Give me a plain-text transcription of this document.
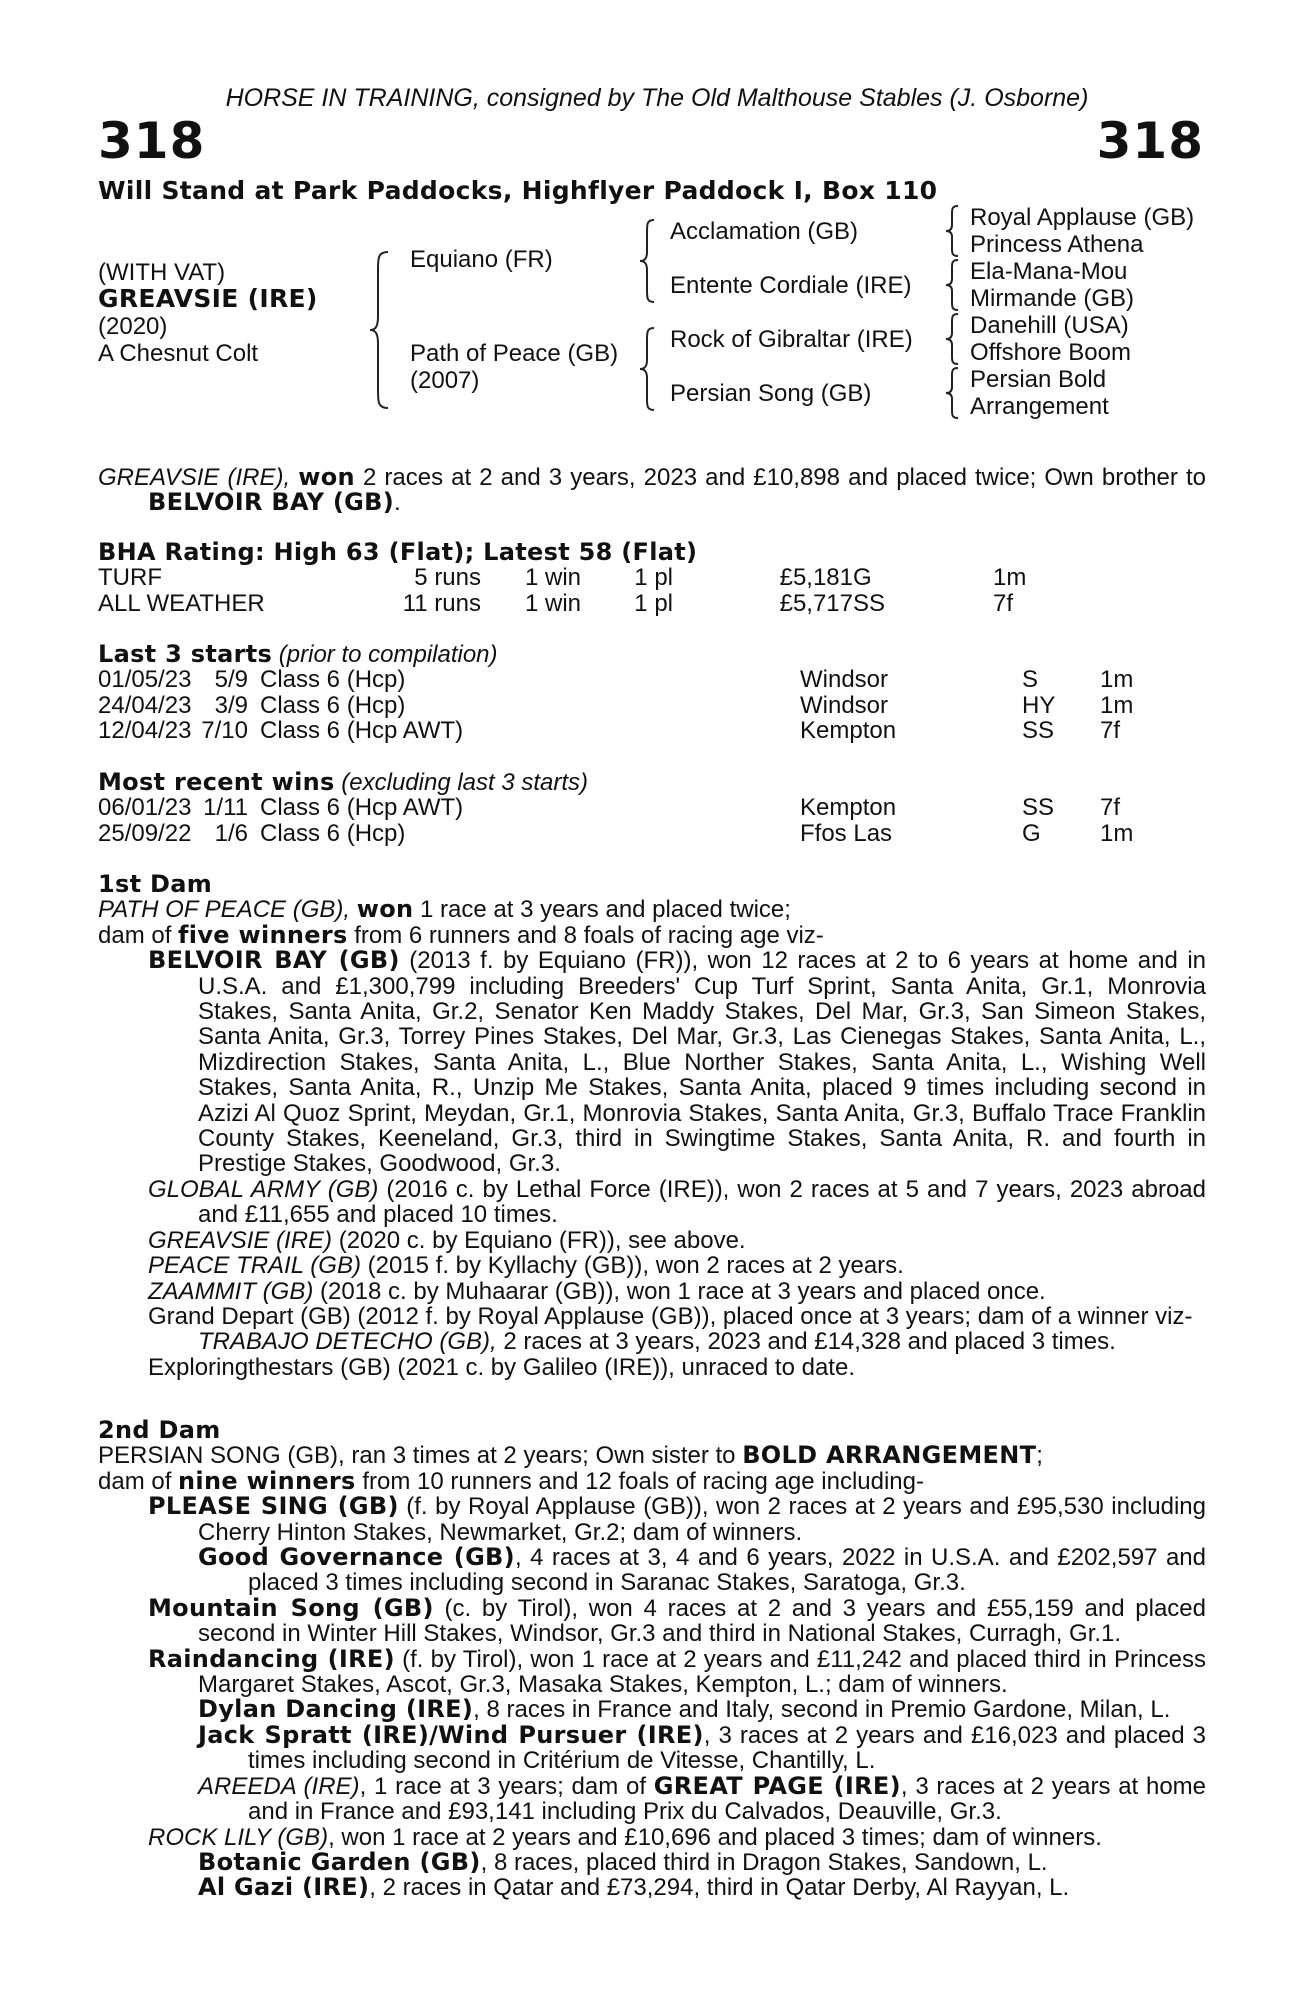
HORSE IN TRAINING, consigned by The Old Malthouse Stables (J. Osborne)
318	318
Will Stand at Park Paddocks, Highflyer Paddock I, Box 110
(WITH VAT)
GREAVSIE (IRE)
(2020)
A Chesnut Colt
Equiano (FR)
Path of Peace (GB)
(2007)
Acclamation (GB)
Entente Cordiale (IRE)
Rock of Gibraltar (IRE)
Persian Song (GB)
Royal Applause (GB)
Princess Athena
Ela-Mana-Mou
Mirmande (GB)
Danehill (USA)
Offshore Boom
Persian Bold
Arrangement

GREAVSIE (IRE), won 2 races at 2 and 3 years, 2023 and £10,898 and placed twice; Own brother to BELVOIR BAY (GB).

BHA Rating: High 63 (Flat); Latest 58 (Flat)
TURF	5 runs	1 win	1 pl	£5,181	G	1m
ALL WEATHER	11 runs	1 win	1 pl	£5,717	SS	7f
Last 3 starts (prior to compilation)
01/05/23	5/9	Class 6 (Hcp)	Windsor	S	1m
24/04/23	3/9	Class 6 (Hcp)	Windsor	HY	1m
12/04/23	7/10	Class 6 (Hcp AWT)	Kempton	SS	7f
Most recent wins (excluding last 3 starts)
06/01/23	1/11	Class 6 (Hcp AWT)	Kempton	SS	7f
25/09/22	1/6	Class 6 (Hcp)	Ffos Las	G	1m
1st Dam

PATH OF PEACE (GB), won 1 race at 3 years and placed twice;

dam of five winners from 6 runners and 8 foals of racing age viz-

BELVOIR BAY (GB) (2013 f. by Equiano (FR)), won 12 races at 2 to 6 years at home and in U.S.A. and £1,300,799 including Breeders' Cup Turf Sprint, Santa Anita, Gr.1, Monrovia Stakes, Santa Anita, Gr.2, Senator Ken Maddy Stakes, Del Mar, Gr.3, San Simeon Stakes, Santa Anita, Gr.3, Torrey Pines Stakes, Del Mar, Gr.3, Las Cienegas Stakes, Santa Anita, L., Mizdirection Stakes, Santa Anita, L., Blue Norther Stakes, Santa Anita, L., Wishing Well Stakes, Santa Anita, R., Unzip Me Stakes, Santa Anita, placed 9 times including second in Azizi Al Quoz Sprint, Meydan, Gr.1, Monrovia Stakes, Santa Anita, Gr.3, Buffalo Trace Franklin County Stakes, Keeneland, Gr.3, third in Swingtime Stakes, Santa Anita, R. and fourth in Prestige Stakes, Goodwood, Gr.3.

GLOBAL ARMY (GB) (2016 c. by Lethal Force (IRE)), won 2 races at 5 and 7 years, 2023 abroad and £11,655 and placed 10 times.

GREAVSIE (IRE) (2020 c. by Equiano (FR)), see above.

PEACE TRAIL (GB) (2015 f. by Kyllachy (GB)), won 2 races at 2 years.

ZAAMMIT (GB) (2018 c. by Muhaarar (GB)), won 1 race at 3 years and placed once.

Grand Depart (GB) (2012 f. by Royal Applause (GB)), placed once at 3 years; dam of a winner viz-

TRABAJO DETECHO (GB), 2 races at 3 years, 2023 and £14,328 and placed 3 times.

Exploringthestars (GB) (2021 c. by Galileo (IRE)), unraced to date.

2nd Dam

PERSIAN SONG (GB), ran 3 times at 2 years; Own sister to BOLD ARRANGEMENT;

dam of nine winners from 10 runners and 12 foals of racing age including-

PLEASE SING (GB) (f. by Royal Applause (GB)), won 2 races at 2 years and £95,530 including Cherry Hinton Stakes, Newmarket, Gr.2; dam of winners.

Good Governance (GB), 4 races at 3, 4 and 6 years, 2022 in U.S.A. and £202,597 and placed 3 times including second in Saranac Stakes, Saratoga, Gr.3.

Mountain Song (GB) (c. by Tirol), won 4 races at 2 and 3 years and £55,159 and placed second in Winter Hill Stakes, Windsor, Gr.3 and third in National Stakes, Curragh, Gr.1.

Raindancing (IRE) (f. by Tirol), won 1 race at 2 years and £11,242 and placed third in Princess Margaret Stakes, Ascot, Gr.3, Masaka Stakes, Kempton, L.; dam of winners.

Dylan Dancing (IRE), 8 races in France and Italy, second in Premio Gardone, Milan, L.

Jack Spratt (IRE)/Wind Pursuer (IRE), 3 races at 2 years and £16,023 and placed 3 times including second in Critérium de Vitesse, Chantilly, L.

AREEDA (IRE), 1 race at 3 years; dam of GREAT PAGE (IRE), 3 races at 2 years at home and in France and £93,141 including Prix du Calvados, Deauville, Gr.3.

ROCK LILY (GB), won 1 race at 2 years and £10,696 and placed 3 times; dam of winners.

Botanic Garden (GB), 8 races, placed third in Dragon Stakes, Sandown, L.

Al Gazi (IRE), 2 races in Qatar and £73,294, third in Qatar Derby, Al Rayyan, L.
